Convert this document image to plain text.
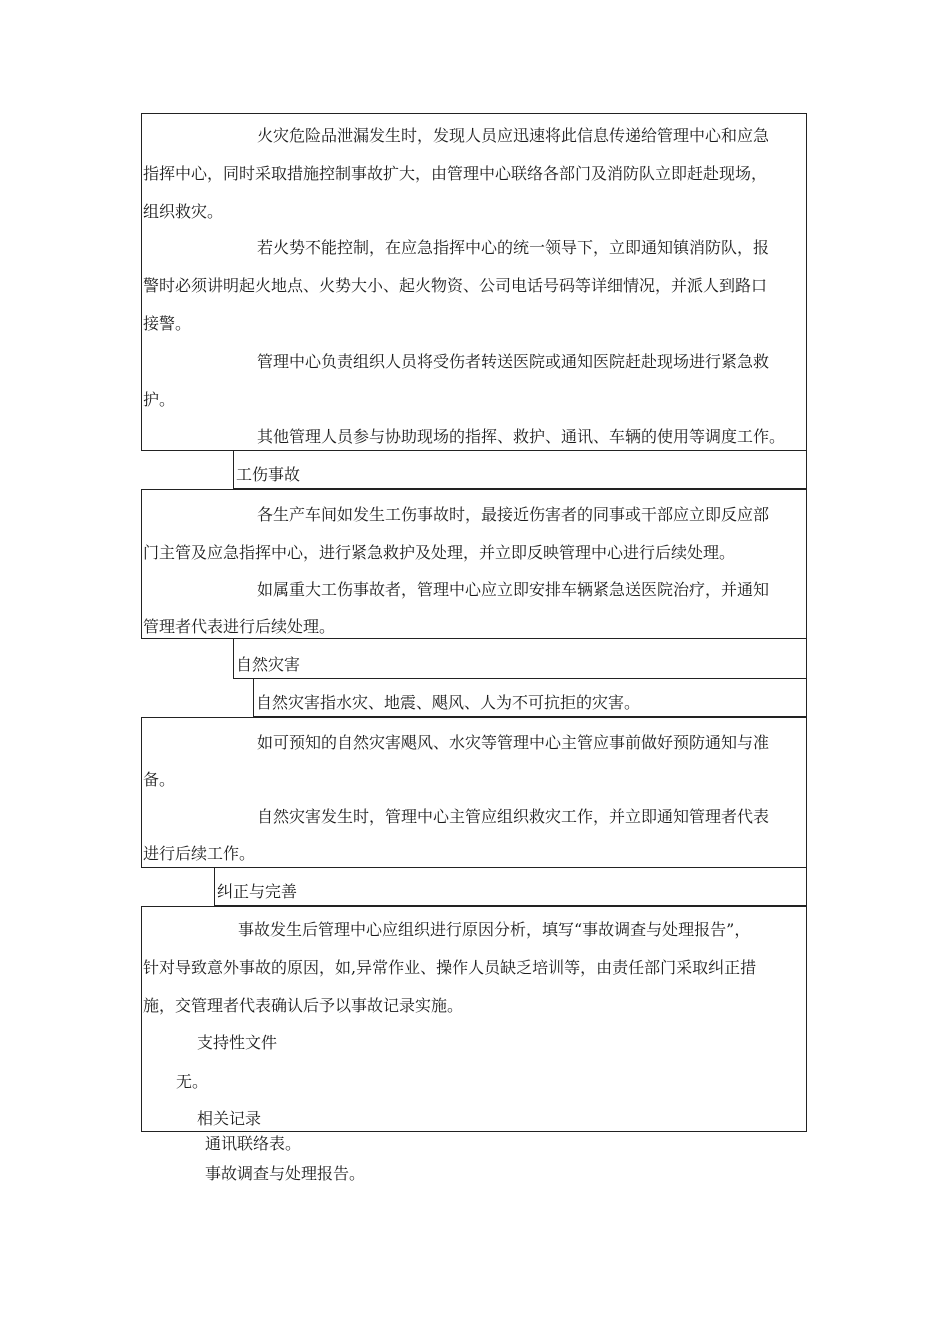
火灾危险品泄漏发生时，发现人员应迅速将此信息传递给管理中心和应急
指挥中心，同时采取措施控制事故扩大，由管理中心联络各部门及消防队立即赶赴现场，
组织救灾。
若火势不能控制，在应急指挥中心的统一领导下，立即通知镇消防队，报
警时必须讲明起火地点、火势大小、起火物资、公司电话号码等详细情况，并派人到路口
接警。
管理中心负责组织人员将受伤者转送医院或通知医院赶赴现场进行紧急救
护。
其他管理人员参与协助现场的指挥、救护、通讯、车辆的使用等调度工作。
工伤事故
各生产车间如发生工伤事故时，最接近伤害者的同事或干部应立即反应部
门主管及应急指挥中心，进行紧急救护及处理，并立即反映管理中心进行后续处理。
如属重大工伤事故者，管理中心应立即安排车辆紧急送医院治疗，并通知
管理者代表进行后续处理。
自然灾害
自然灾害指水灾、地震、飓风、人为不可抗拒的灾害。
如可预知的自然灾害飓风、水灾等管理中心主管应事前做好预防通知与准
备。
自然灾害发生时，管理中心主管应组织救灾工作，并立即通知管理者代表
进行后续工作。
纠正与完善
事故发生后管理中心应组织进行原因分析，填写“事故调查与处理报告”，
针对导致意外事故的原因，如,异常作业、操作人员缺乏培训等，由责任部门采取纠正措
施，交管理者代表确认后予以事故记录实施。
支持性文件
无。
相关记录
通讯联络表。
事故调查与处理报告。
